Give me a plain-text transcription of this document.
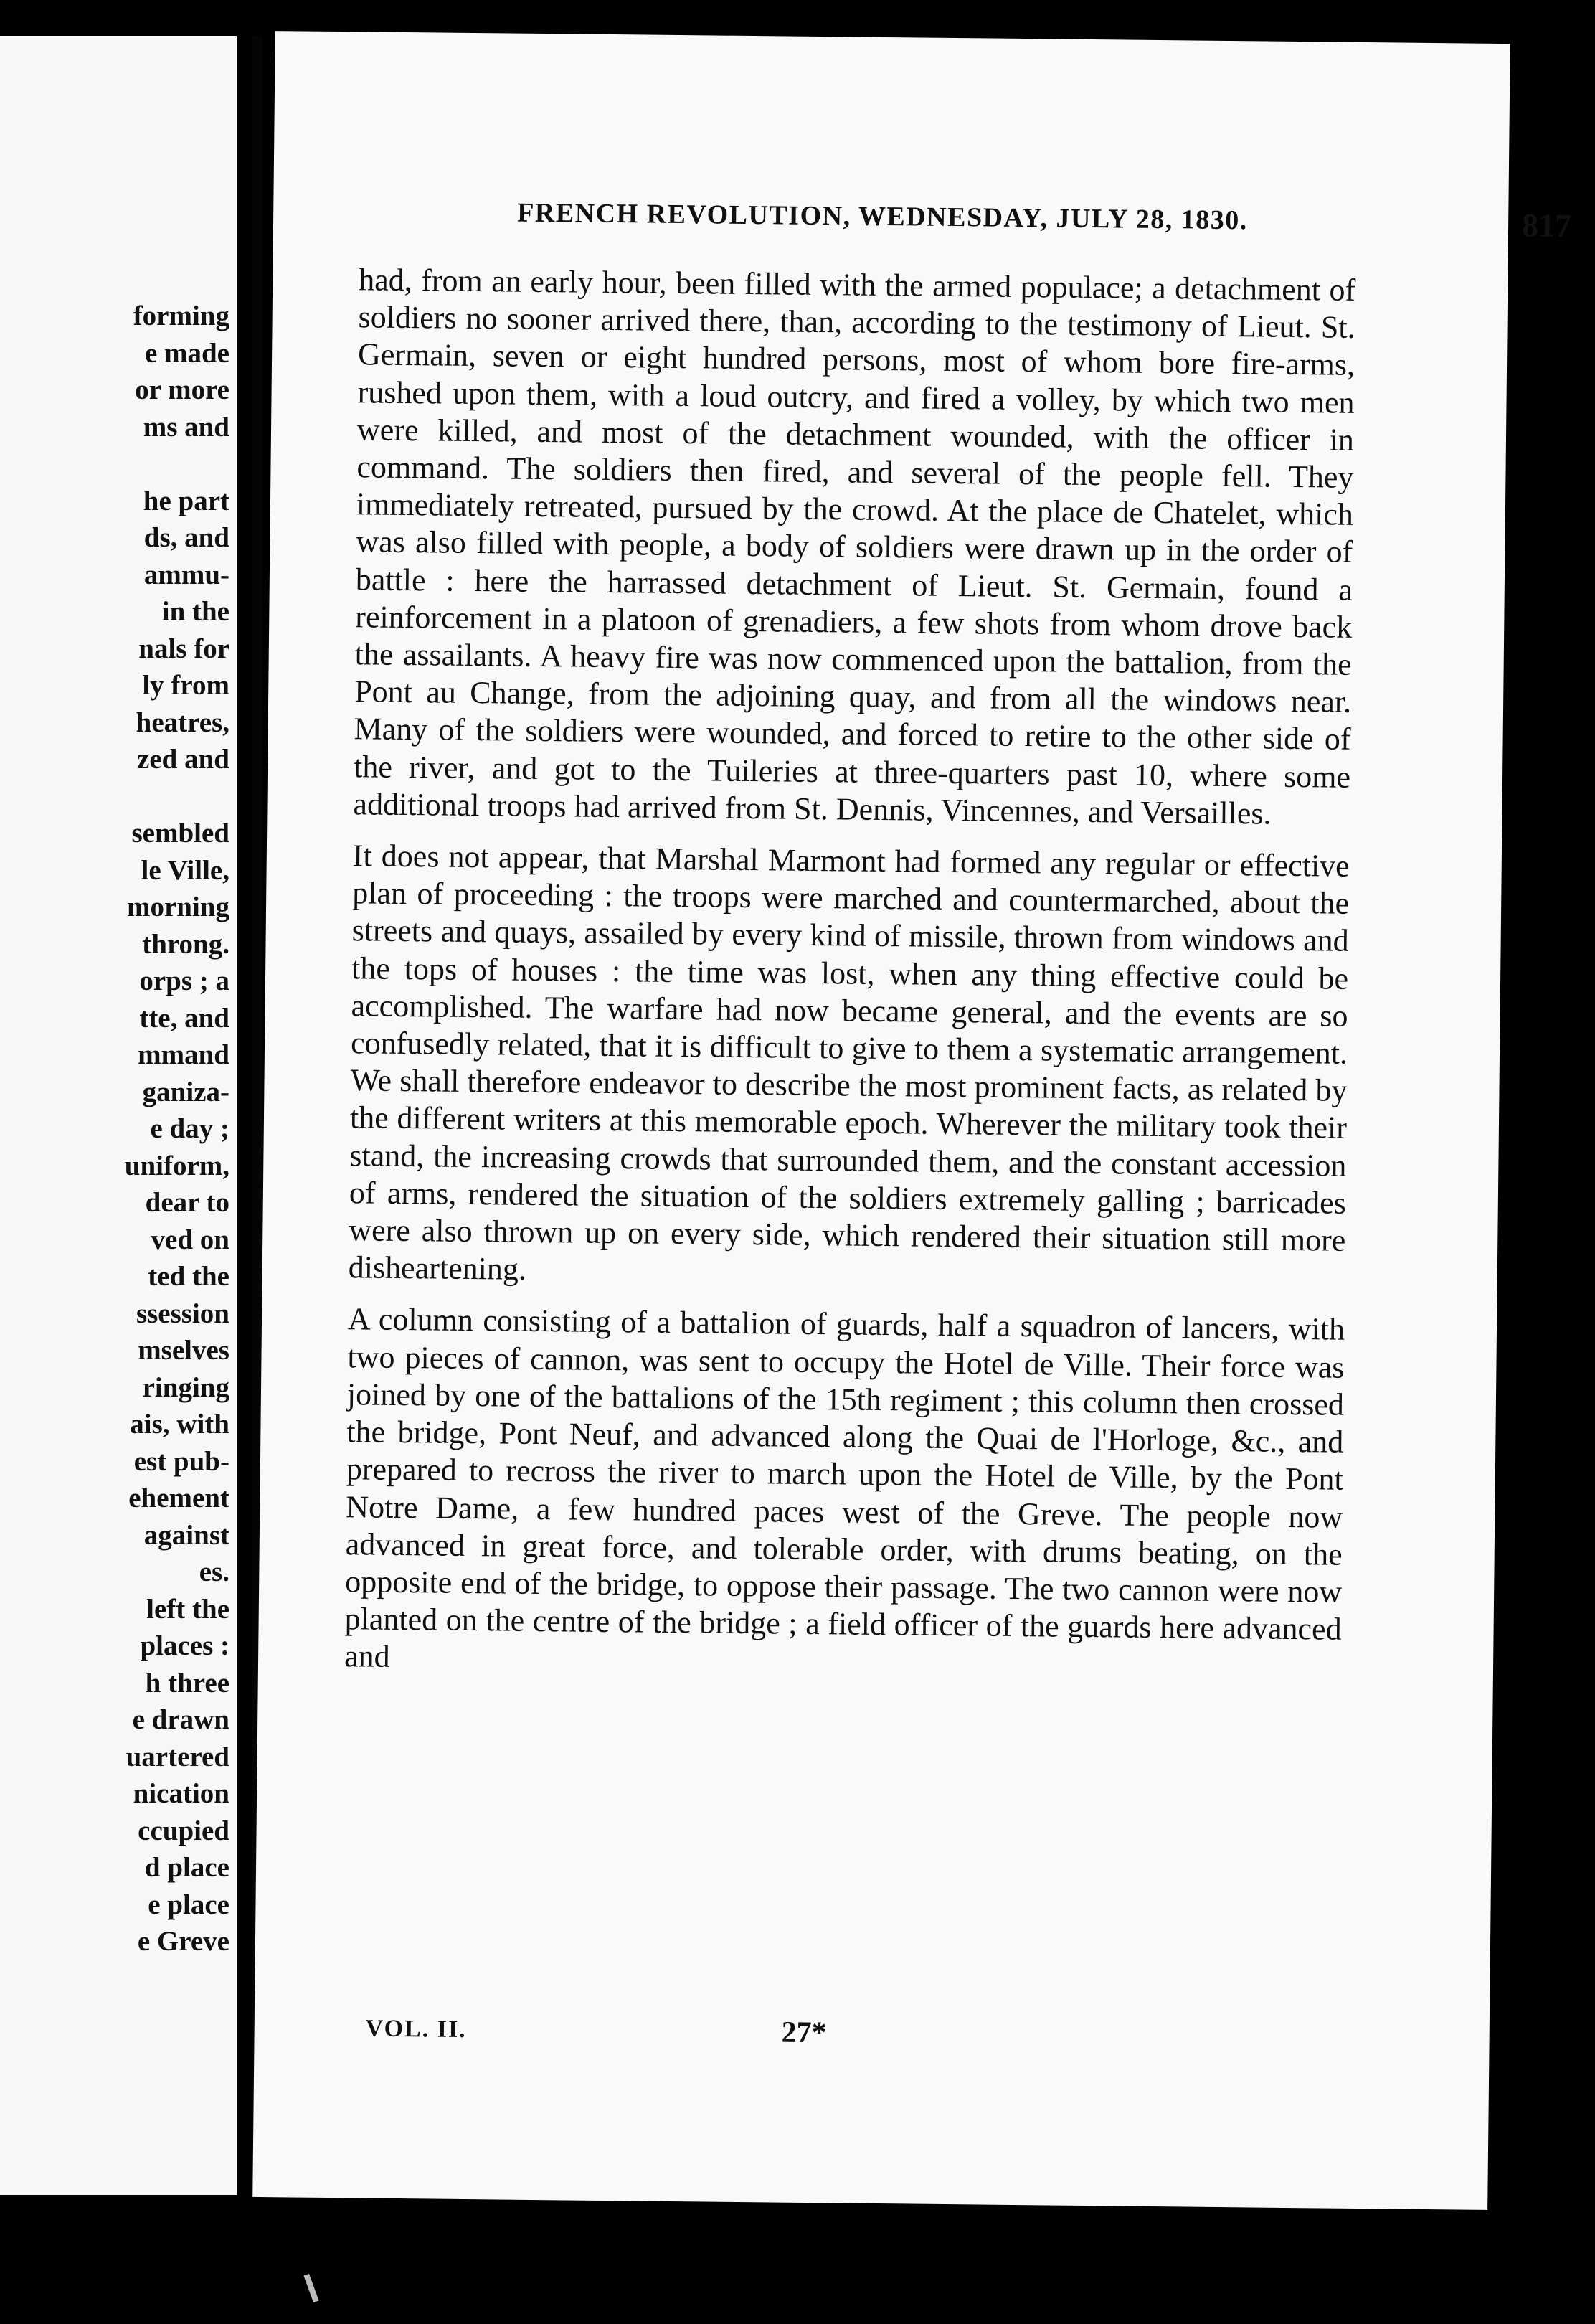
forming
e made
or more
ms and
he part
ds, and
ammu-
in the
nals for
ly from
heatres,
zed and
sembled
le Ville,
morning
throng.
orps ; a
tte, and
mmand
ganiza-
e day ;
uniform,
dear to
ved on
ted the
ssession
mselves
ringing
ais, with
est pub-
ehement
against
es.
left the
places :
h three
e drawn
uartered
nication
ccupied
d place
e place
e Greve
FRENCH REVOLUTION, WEDNESDAY, JULY 28, 1830.	817

had, from an early hour, been filled with the armed populace; a detachment of soldiers no sooner arrived there, than, according to the testimony of Lieut. St. Germain, seven or eight hundred persons, most of whom bore fire-arms, rushed upon them, with a loud outcry, and fired a volley, by which two men were killed, and most of the detachment wounded, with the officer in command. The soldiers then fired, and several of the people fell. They immediately retreated, pursued by the crowd. At the place de Chatelet, which was also filled with people, a body of soldiers were drawn up in the order of battle : here the harrassed detachment of Lieut. St. Germain, found a reinforcement in a platoon of grenadiers, a few shots from whom drove back the assailants. A heavy fire was now commenced upon the battalion, from the Pont au Change, from the adjoining quay, and from all the windows near. Many of the soldiers were wounded, and forced to retire to the other side of the river, and got to the Tuileries at three-quarters past 10, where some additional troops had arrived from St. Dennis, Vincennes, and Versailles.

It does not appear, that Marshal Marmont had formed any regular or effective plan of proceeding : the troops were marched and countermarched, about the streets and quays, assailed by every kind of missile, thrown from windows and the tops of houses : the time was lost, when any thing effective could be accomplished. The warfare had now became general, and the events are so confusedly related, that it is difficult to give to them a systematic arrangement. We shall therefore endeavor to describe the most prominent facts, as related by the different writers at this memorable epoch. Wherever the military took their stand, the increasing crowds that surrounded them, and the constant accession of arms, rendered the situation of the soldiers extremely galling ; barricades were also thrown up on every side, which rendered their situation still more disheartening.

A column consisting of a battalion of guards, half a squadron of lancers, with two pieces of cannon, was sent to occupy the Hotel de Ville. Their force was joined by one of the battalions of the 15th regiment ; this column then crossed the bridge, Pont Neuf, and advanced along the Quai de l'Horloge, &c., and prepared to recross the river to march upon the Hotel de Ville, by the Pont Notre Dame, a few hundred paces west of the Greve. The people now advanced in great force, and tolerable order, with drums beating, on the opposite end of the bridge, to oppose their passage. The two cannon were now planted on the centre of the bridge ; a field officer of the guards here advanced and

VOL. II.	27*
